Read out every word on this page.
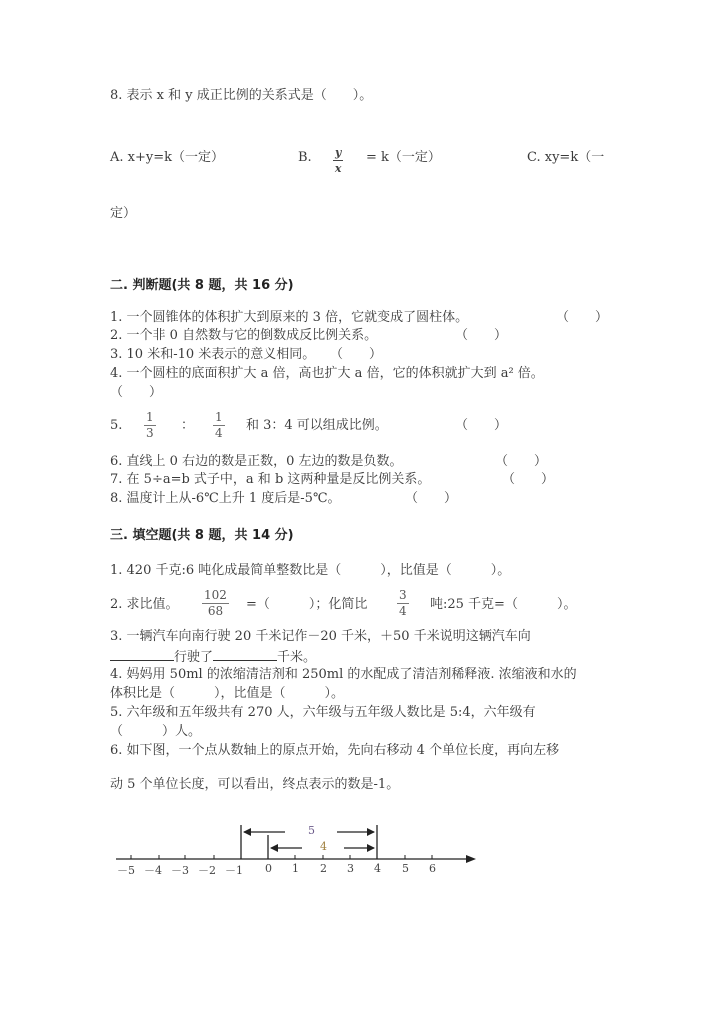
8. 表示 x 和 y 成正比例的关系式是（　　）。
A. x+y=k（一定）	B. y
x
= k（一定）	C. xy=k（一
定）
二. 判断题(共 8 题，共 16 分)
1. 一个圆锥体的体积扩大到原来的 3 倍，它就变成了圆柱体。	（　　）
2. 一个非 0 自然数与它的倒数成反比例关系。	（　　）
3. 10 米和-10 米表示的意义相同。 （　　）
4. 一个圆柱的底面积扩大 a 倍，高也扩大 a 倍，它的体积就扩大到 a² 倍。
（　　）
5.
1
3 ：
1
4 和 3：4 可以组成比例。	（　　）
6. 直线上 0 右边的数是正数，0 左边的数是负数。	（　　）
7. 在 5÷a=b 式子中，a 和 b 这两种量是反比例关系。	（　　）
8. 温度计上从-6℃上升 1 度后是-5℃。	（　　）
三. 填空题(共 8 题，共 14 分)
1. 420 千克:6 吨化成最简单整数比是（　　　），比值是（　　　）。
2. 求比值。
102
68 =（　　　）；化简比
3
4 吨:25 千克=（　　　）。
3. 一辆汽车向南行驶 20 千米记作－20 千米，＋50 千米说明这辆汽车向
行驶了	千米。
4. 妈妈用 50ml 的浓缩清洁剂和 250ml 的水配成了清洁剂稀释液. 浓缩液和水的
体积比是（　　　），比值是（　　　）。
5. 六年级和五年级共有 270 人，六年级与五年级人数比是 5:4，六年级有
（　　　）人。
6. 如下图，一个点从数轴上的原点开始，先向右移动 4 个单位长度，再向左移
动 5 个单位长度，可以看出，终点表示的数是-1。
5
4
－5 －4 －3 －2 －1 0 1 2 3 4 5 6
